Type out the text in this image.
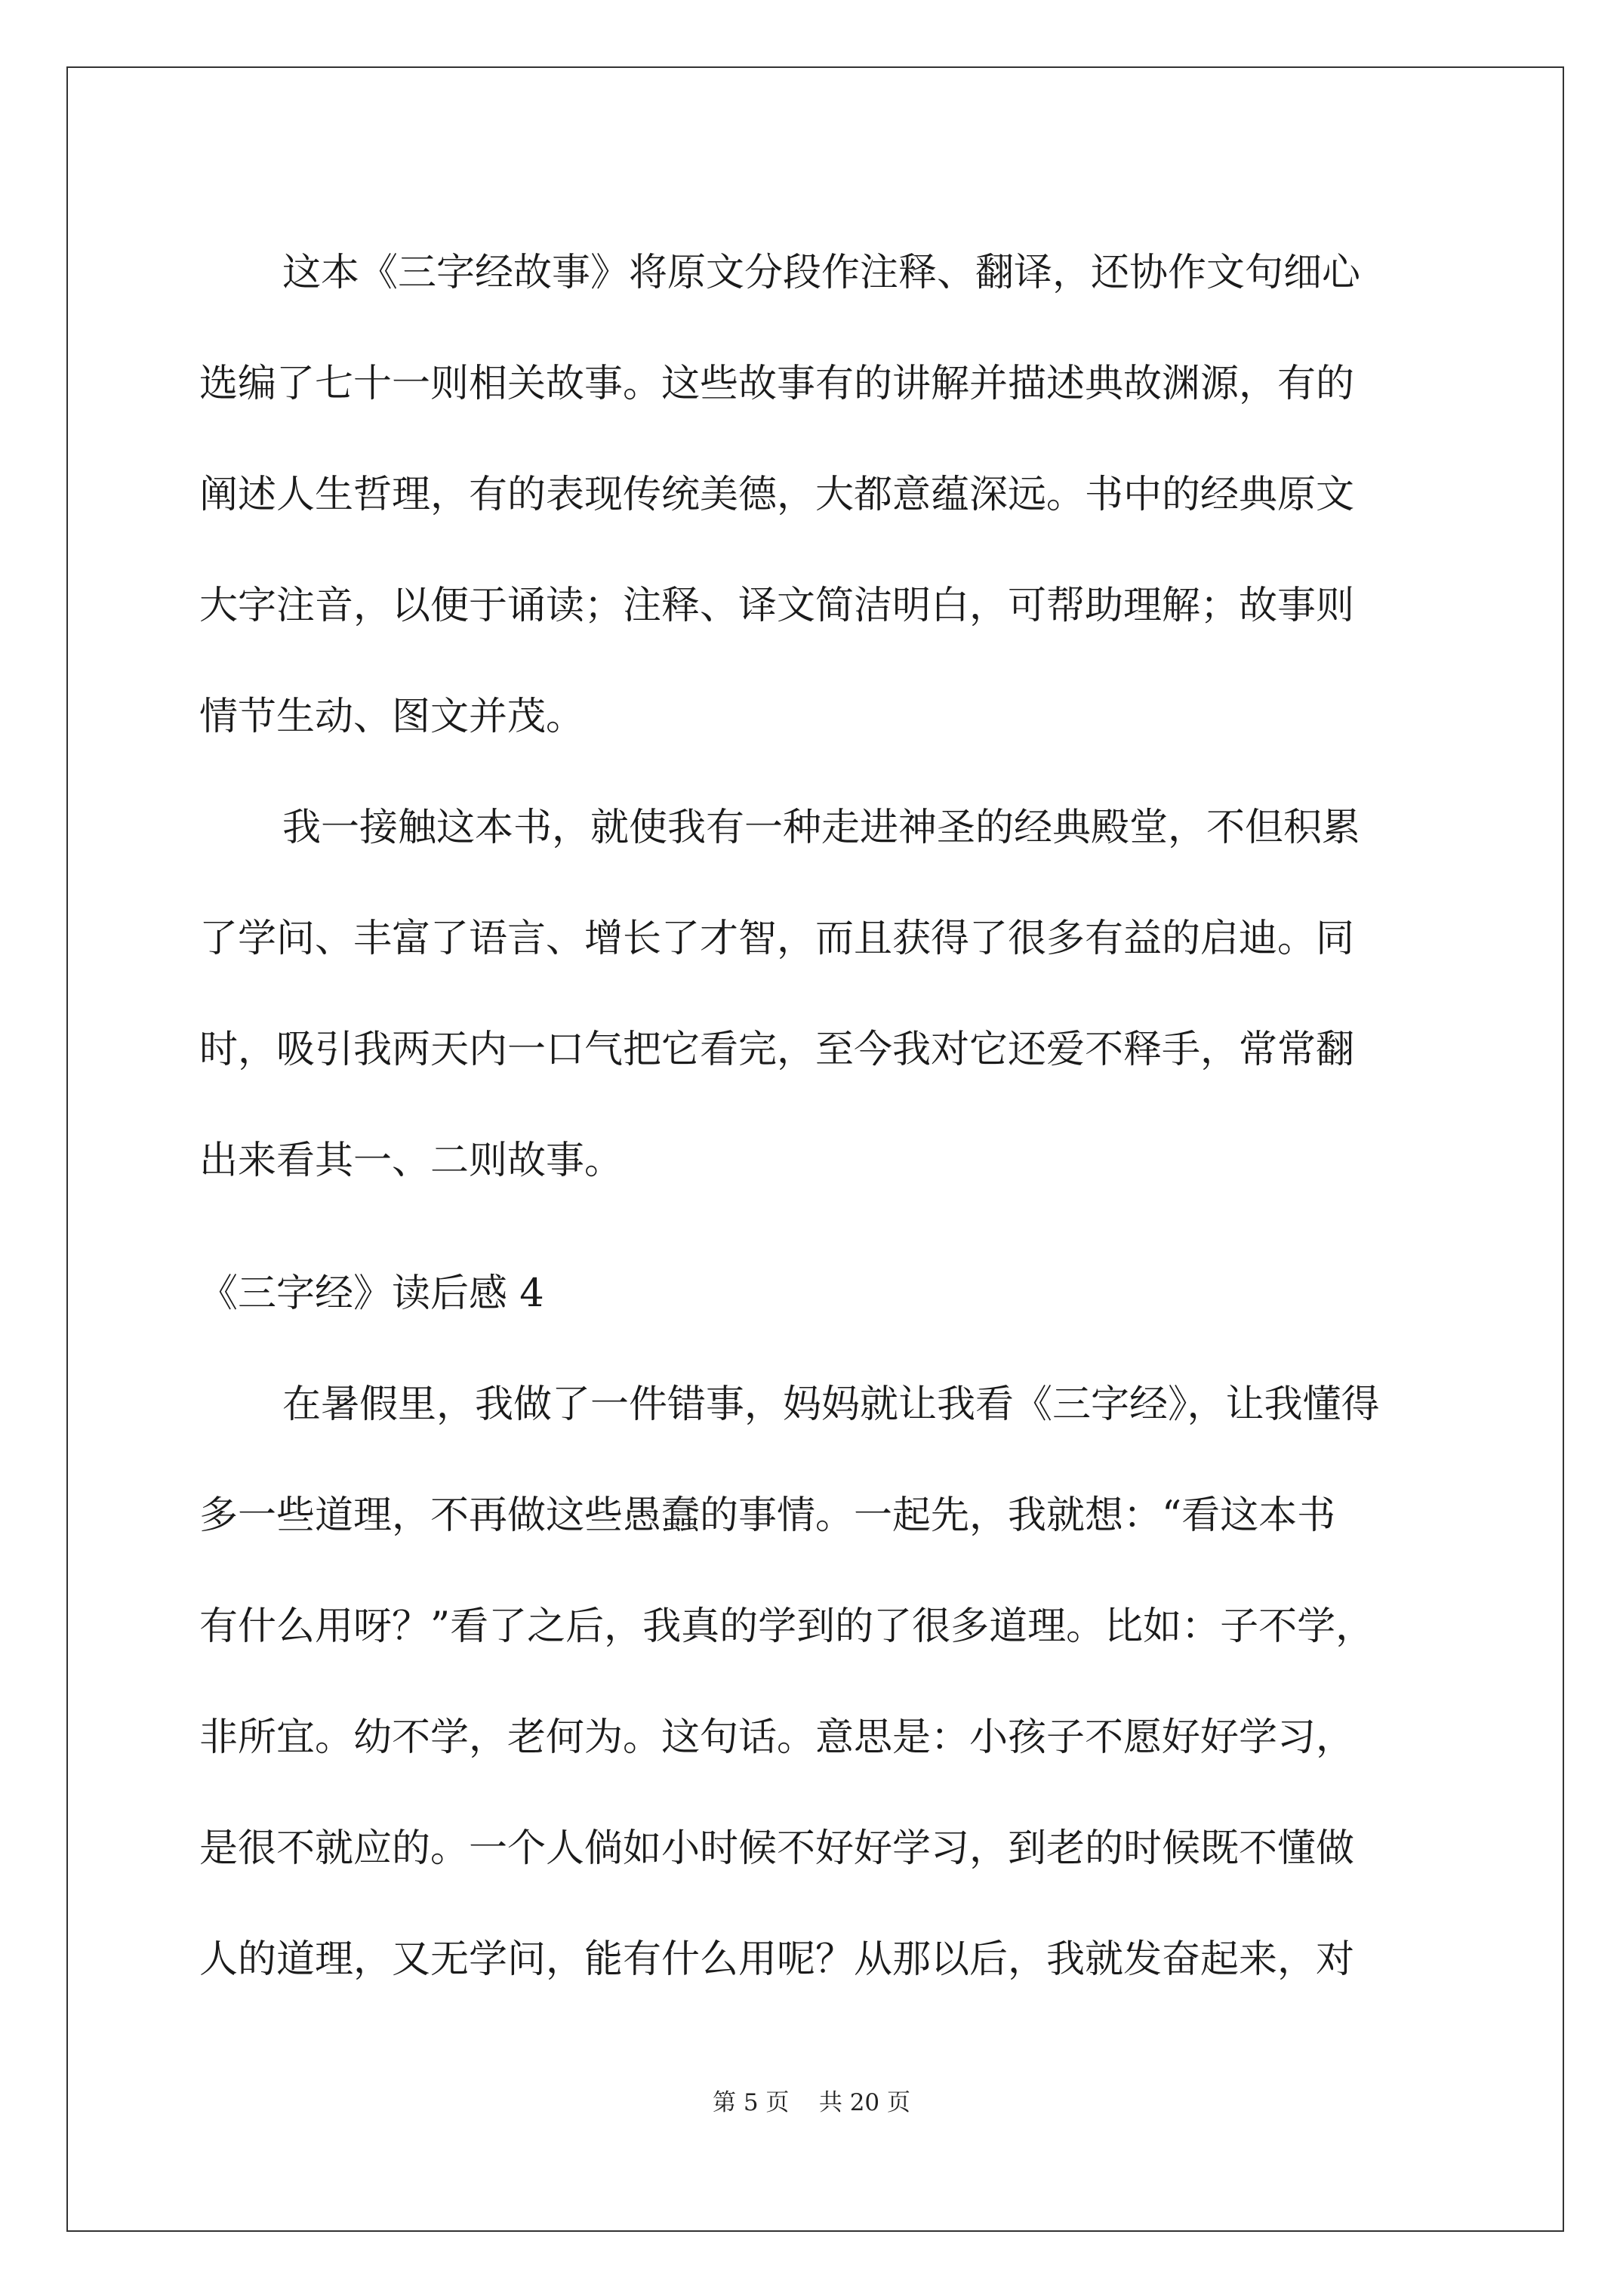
这本《三字经故事》将原文分段作注释、翻译，还协作文句细心
选编了七十一则相关故事。这些故事有的讲解并描述典故渊源，有的
阐述人生哲理，有的表现传统美德，大都意蕴深远。书中的经典原文
大字注音，以便于诵读；注释、译文简洁明白，可帮助理解；故事则
情节生动、图文并茂。
我一接触这本书，就使我有一种走进神圣的经典殿堂，不但积累
了学问、丰富了语言、增长了才智，而且获得了很多有益的启迪。同
时，吸引我两天内一口气把它看完，至今我对它还爱不释手，常常翻
出来看其一、二则故事。
《三字经》读后感 4
在暑假里，我做了一件错事，妈妈就让我看《三字经》，让我懂得
多一些道理，不再做这些愚蠢的事情。一起先，我就想：“看这本书
有什么用呀？”看了之后，我真的学到的了很多道理。比如：子不学，
非所宜。幼不学，老何为。这句话。意思是：小孩子不愿好好学习，
是很不就应的。一个人倘如小时候不好好学习，到老的时候既不懂做
人的道理，又无学问，能有什么用呢？从那以后，我就发奋起来，对
第 5 页 共 20 页
